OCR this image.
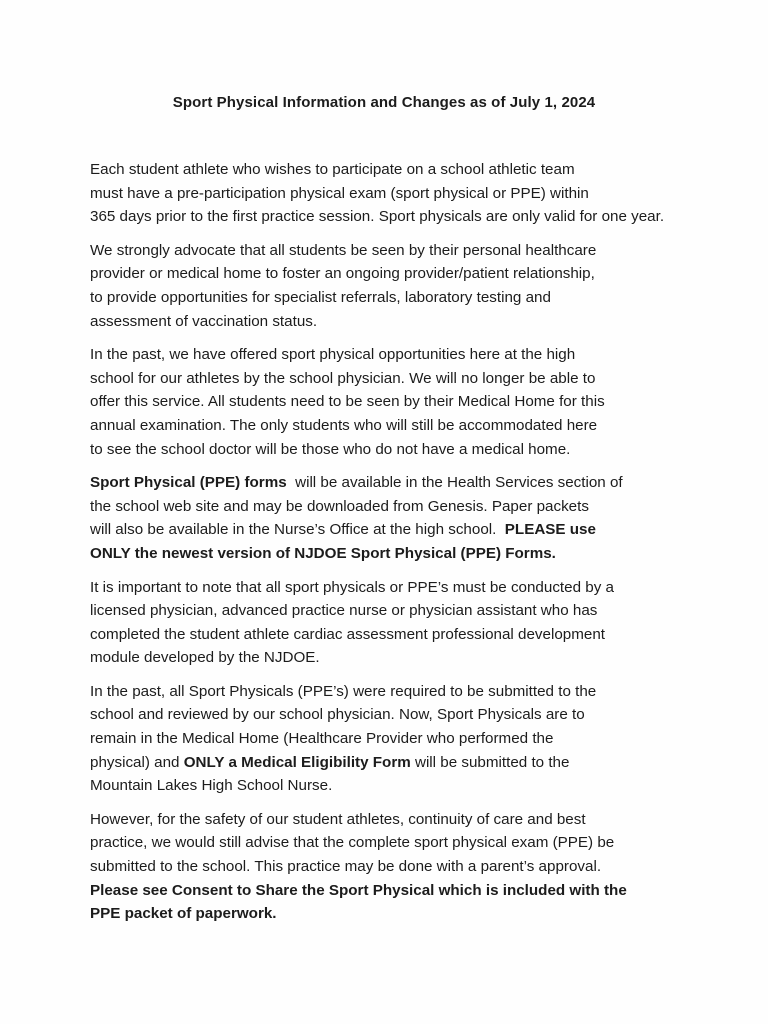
Sport Physical Information and Changes as of July 1, 2024
Each student athlete who wishes to participate on a school athletic team must have a pre-participation physical exam (sport physical or PPE) within 365 days prior to the first practice session. Sport physicals are only valid for one year.
We strongly advocate that all students be seen by their personal healthcare provider or medical home to foster an ongoing provider/patient relationship, to provide opportunities for specialist referrals, laboratory testing and assessment of vaccination status.
In the past, we have offered sport physical opportunities here at the high school for our athletes by the school physician. We will no longer be able to offer this service. All students need to be seen by their Medical Home for this annual examination. The only students who will still be accommodated here to see the school doctor will be those who do not have a medical home.
Sport Physical (PPE) forms  will be available in the Health Services section of the school web site and may be downloaded from Genesis. Paper packets will also be available in the Nurse’s Office at the high school.  PLEASE use ONLY the newest version of NJDOE Sport Physical (PPE) Forms.
It is important to note that all sport physicals or PPE’s must be conducted by a licensed physician, advanced practice nurse or physician assistant who has completed the student athlete cardiac assessment professional development module developed by the NJDOE.
In the past, all Sport Physicals (PPE’s) were required to be submitted to the school and reviewed by our school physician. Now, Sport Physicals are to remain in the Medical Home (Healthcare Provider who performed the physical) and ONLY a Medical Eligibility Form will be submitted to the Mountain Lakes High School Nurse.
However, for the safety of our student athletes, continuity of care and best practice, we would still advise that the complete sport physical exam (PPE) be submitted to the school. This practice may be done with a parent’s approval. Please see Consent to Share the Sport Physical which is included with the PPE packet of paperwork.
